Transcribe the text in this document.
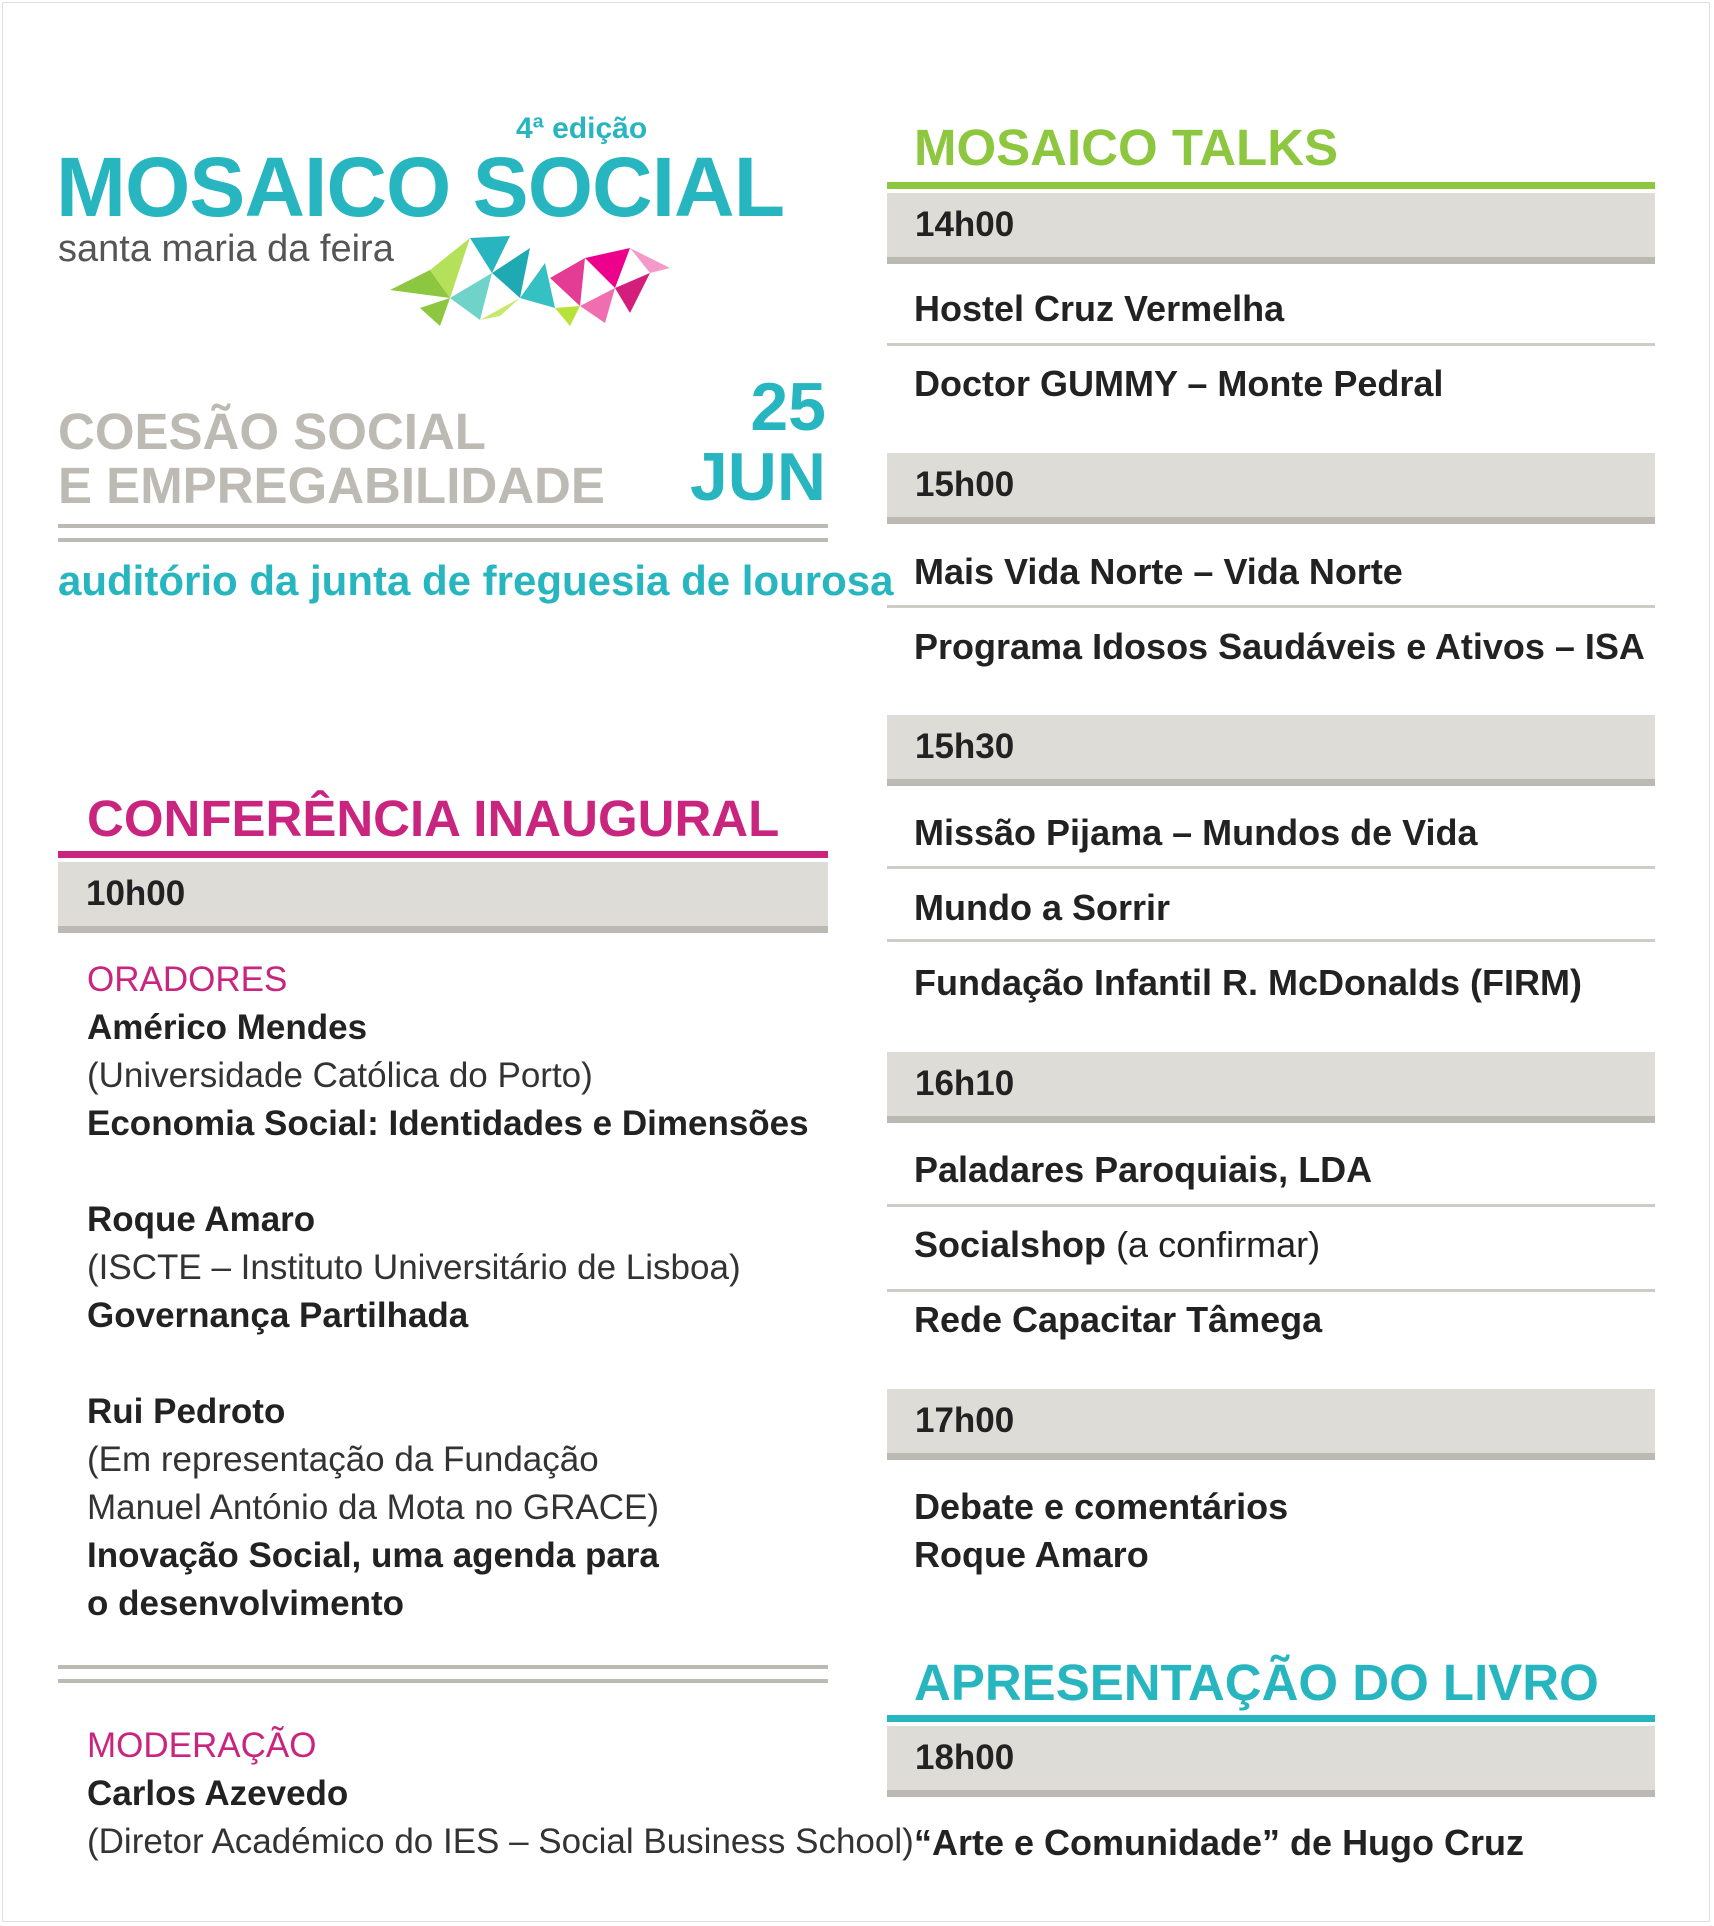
4ª edição
MOSAICO SOCIAL
santa maria da feira
COESÃO SOCIAL
E EMPREGABILIDADE
25
JUN
auditório da junta de freguesia de lourosa
CONFERÊNCIA INAUGURAL
10h00
ORADORES
Américo Mendes
(Universidade Católica do Porto)
Economia Social: Identidades e Dimensões
Roque Amaro
(ISCTE – Instituto Universitário de Lisboa)
Governança Partilhada
Rui Pedroto
(Em representação da Fundação
Manuel António da Mota no GRACE)
Inovação Social, uma agenda para
o desenvolvimento
MODERAÇÃO
Carlos Azevedo
(Diretor Académico do IES – Social Business School)
MOSAICO TALKS
14h00
Hostel Cruz Vermelha
Doctor GUMMY – Monte Pedral
15h00
Mais Vida Norte – Vida Norte
Programa Idosos Saudáveis e Ativos – ISA
15h30
Missão Pijama – Mundos de Vida
Mundo a Sorrir
Fundação Infantil R. McDonalds (FIRM)
16h10
Paladares Paroquiais, LDA
Socialshop (a confirmar)
Rede Capacitar Tâmega
17h00
Debate e comentários
Roque Amaro
APRESENTAÇÃO DO LIVRO
18h00
“Arte e Comunidade” de Hugo Cruz
